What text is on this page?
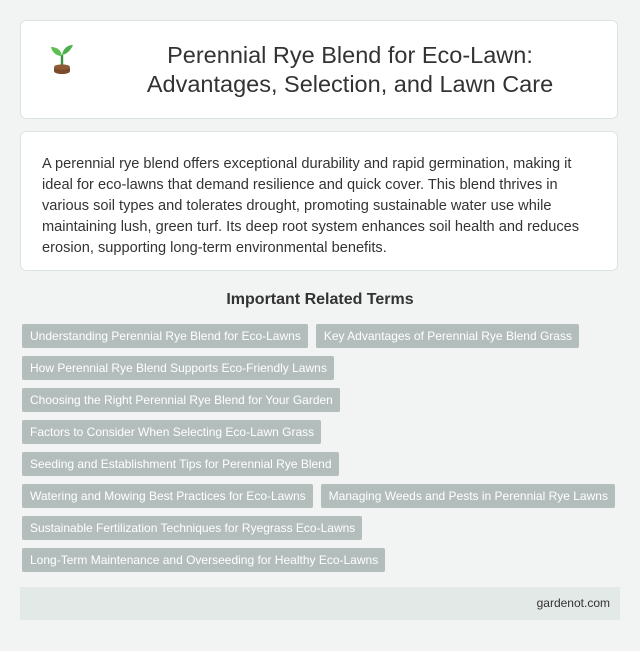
Perennial Rye Blend for Eco-Lawn: Advantages, Selection, and Lawn Care

A perennial rye blend offers exceptional durability and rapid germination, making it ideal for eco-lawns that demand resilience and quick cover. This blend thrives in various soil types and tolerates drought, promoting sustainable water use while maintaining lush, green turf. Its deep root system enhances soil health and reduces erosion, supporting long-term environmental benefits.

Important Related Terms
Understanding Perennial Rye Blend for Eco-Lawns	Key Advantages of Perennial Rye Blend Grass
How Perennial Rye Blend Supports Eco-Friendly Lawns
Choosing the Right Perennial Rye Blend for Your Garden
Factors to Consider When Selecting Eco-Lawn Grass
Seeding and Establishment Tips for Perennial Rye Blend
Watering and Mowing Best Practices for Eco-Lawns	Managing Weeds and Pests in Perennial Rye Lawns
Sustainable Fertilization Techniques for Ryegrass Eco-Lawns
Long-Term Maintenance and Overseeding for Healthy Eco-Lawns
gardenot.com
